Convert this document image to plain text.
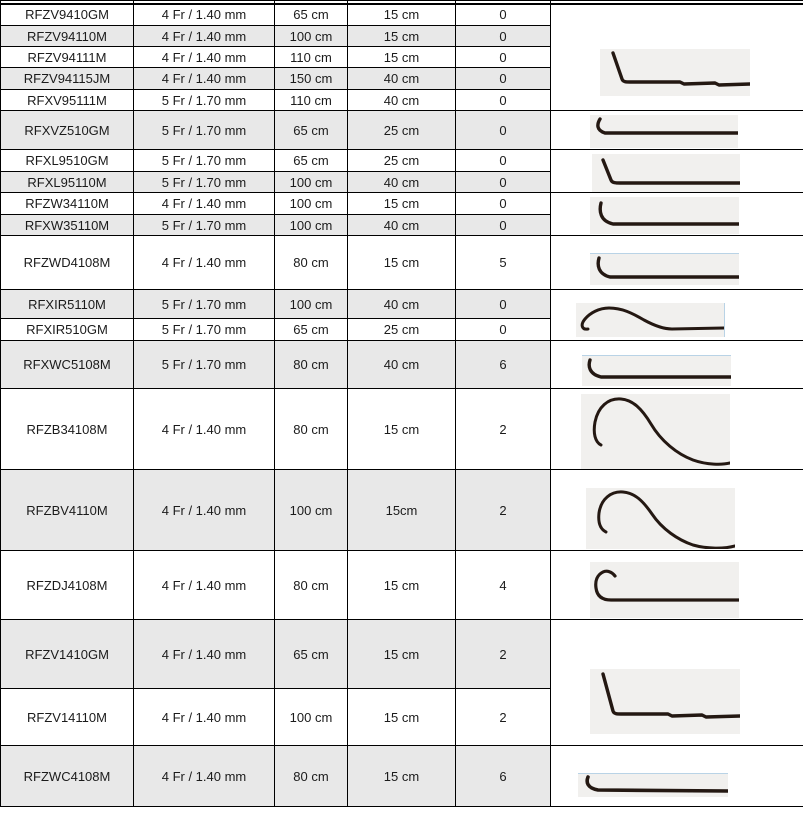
RFZV9410GM	4 Fr / 1.40 mm	65 cm	15 cm	0	

RFZV94110M	4 Fr / 1.40 mm	100 cm	15 cm	0	
RFZV94111M	4 Fr / 1.40 mm	110 cm	15 cm	0	
RFZV94115JM	4 Fr / 1.40 mm	150 cm	40 cm	0	
RFXV95111M	5 Fr / 1.70 mm	110 cm	40 cm	0	
RFXVZ510GM	5 Fr / 1.70 mm	65 cm	25 cm	0	

RFXL9510GM	5 Fr / 1.70 mm	65 cm	25 cm	0	

RFXL95110M	5 Fr / 1.70 mm	100 cm	40 cm	0	
RFZW34110M	4 Fr / 1.40 mm	100 cm	15 cm	0	

RFXW35110M	5 Fr / 1.70 mm	100 cm	40 cm	0	
RFZWD4108M	4 Fr / 1.40 mm	80 cm	15 cm	5	

RFXIR5110M	5 Fr / 1.70 mm	100 cm	40 cm	0	

RFXIR510GM	5 Fr / 1.70 mm	65 cm	25 cm	0	
RFXWC5108M	5 Fr / 1.70 mm	80 cm	40 cm	6	

RFZB34108M	4 Fr / 1.40 mm	80 cm	15 cm	2	

RFZBV4110M	4 Fr / 1.40 mm	100 cm	15cm	2	

RFZDJ4108M	4 Fr / 1.40 mm	80 cm	15 cm	4	

RFZV1410GM	4 Fr / 1.40 mm	65 cm	15 cm	2	

RFZV14110M	4 Fr / 1.40 mm	100 cm	15 cm	2	
RFZWC4108M	4 Fr / 1.40 mm	80 cm	15 cm	6	
